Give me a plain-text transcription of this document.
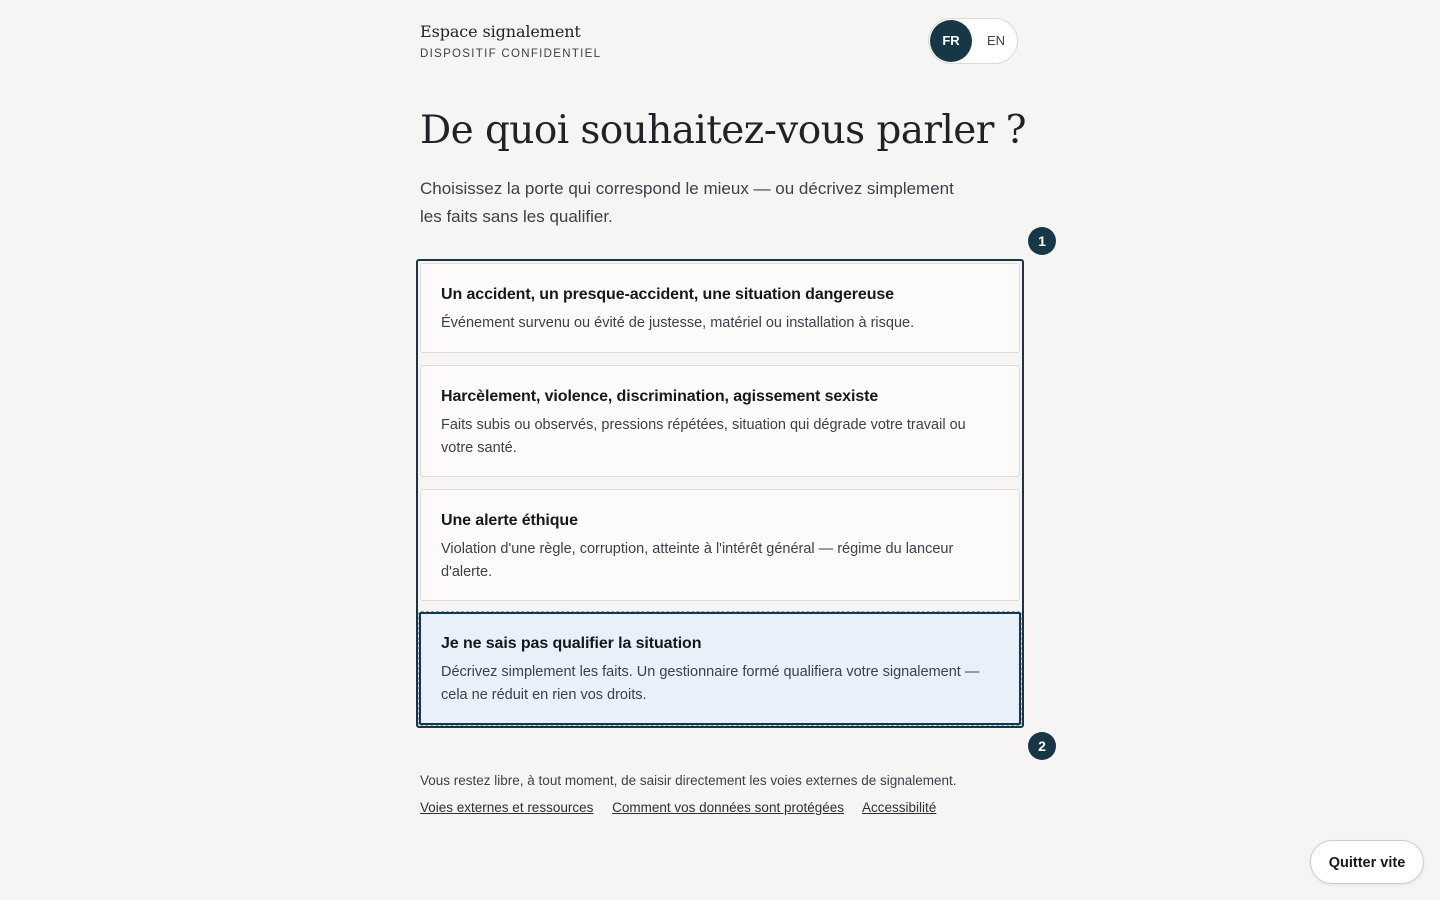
Espace signalement
DISPOSITIF CONFIDENTIEL
FR	EN
De quoi souhaitez-vous parler ?

Choisissez la porte qui correspond le mieux — ou décrivez simplement les faits sans les qualifier.

1
Un accident, un presque-accident, une situation dangereuse
Événement survenu ou évité de justesse, matériel ou installation à risque.
Harcèlement, violence, discrimination, agissement sexiste
Faits subis ou observés, pressions répétées, situation qui dégrade votre travail ou votre santé.
Une alerte éthique
Violation d'une règle, corruption, atteinte à l'intérêt général — régime du lanceur d'alerte.
Je ne sais pas qualifier la situation
Décrivez simplement les faits. Un gestionnaire formé qualifiera votre signalement — cela ne réduit en rien vos droits.
2
Vous restez libre, à tout moment, de saisir directement les voies externes de signalement.
Voies externes et ressources Comment vos données sont protégées Accessibilité
Quitter vite
